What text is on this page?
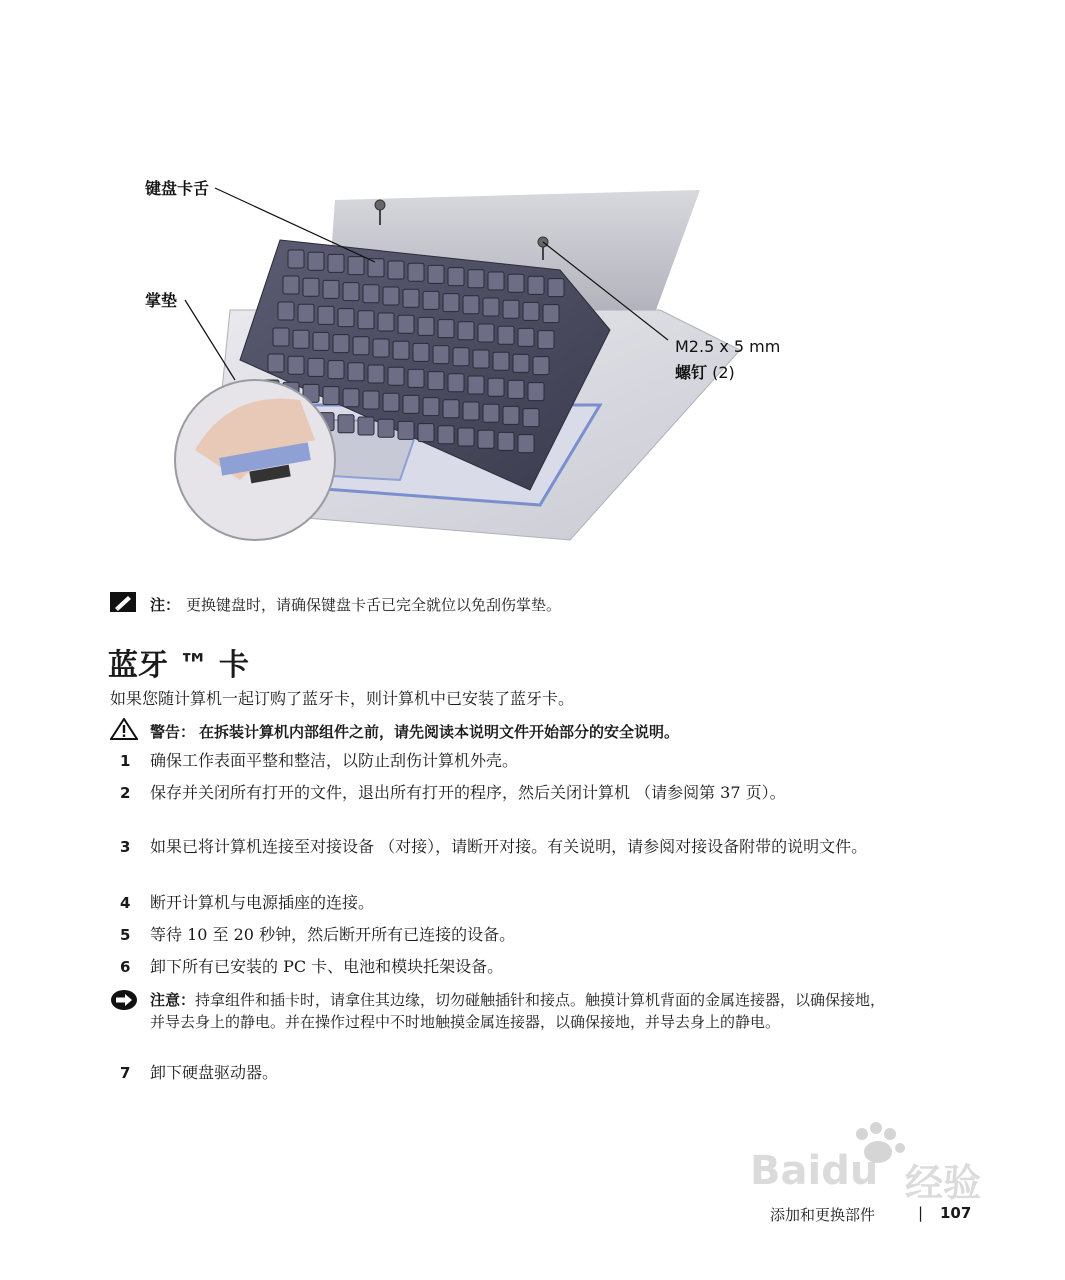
键盘卡舌
掌垫
M2.5 x 5 mm
螺钉 (2)
注： 更换键盘时，请确保键盘卡舌已完全就位以免刮伤掌垫。
蓝牙 ™ 卡
如果您随计算机一起订购了蓝牙卡，则计算机中已安装了蓝牙卡。
警告： 在拆装计算机内部组件之前，请先阅读本说明文件开始部分的安全说明。
1 确保工作表面平整和整洁，以防止刮伤计算机外壳。
2 保存并关闭所有打开的文件，退出所有打开的程序，然后关闭计算机 （请参阅第 37 页）。
3 如果已将计算机连接至对接设备 （对接），请断开对接。有关说明，请参阅对接设备附带的说明文件。
4 断开计算机与电源插座的连接。
5 等待 10 至 20 秒钟，然后断开所有已连接的设备。
6 卸下所有已安装的 PC 卡、电池和模块托架设备。
注意：持拿组件和插卡时，请拿住其边缘，切勿碰触插针和接点。触摸计算机背面的金属连接器，以确保接地，并导去身上的静电。并在操作过程中不时地触摸金属连接器，以确保接地，并导去身上的静电。
7 卸下硬盘驱动器。
Baidu 经验
添加和更换部件	| 107
